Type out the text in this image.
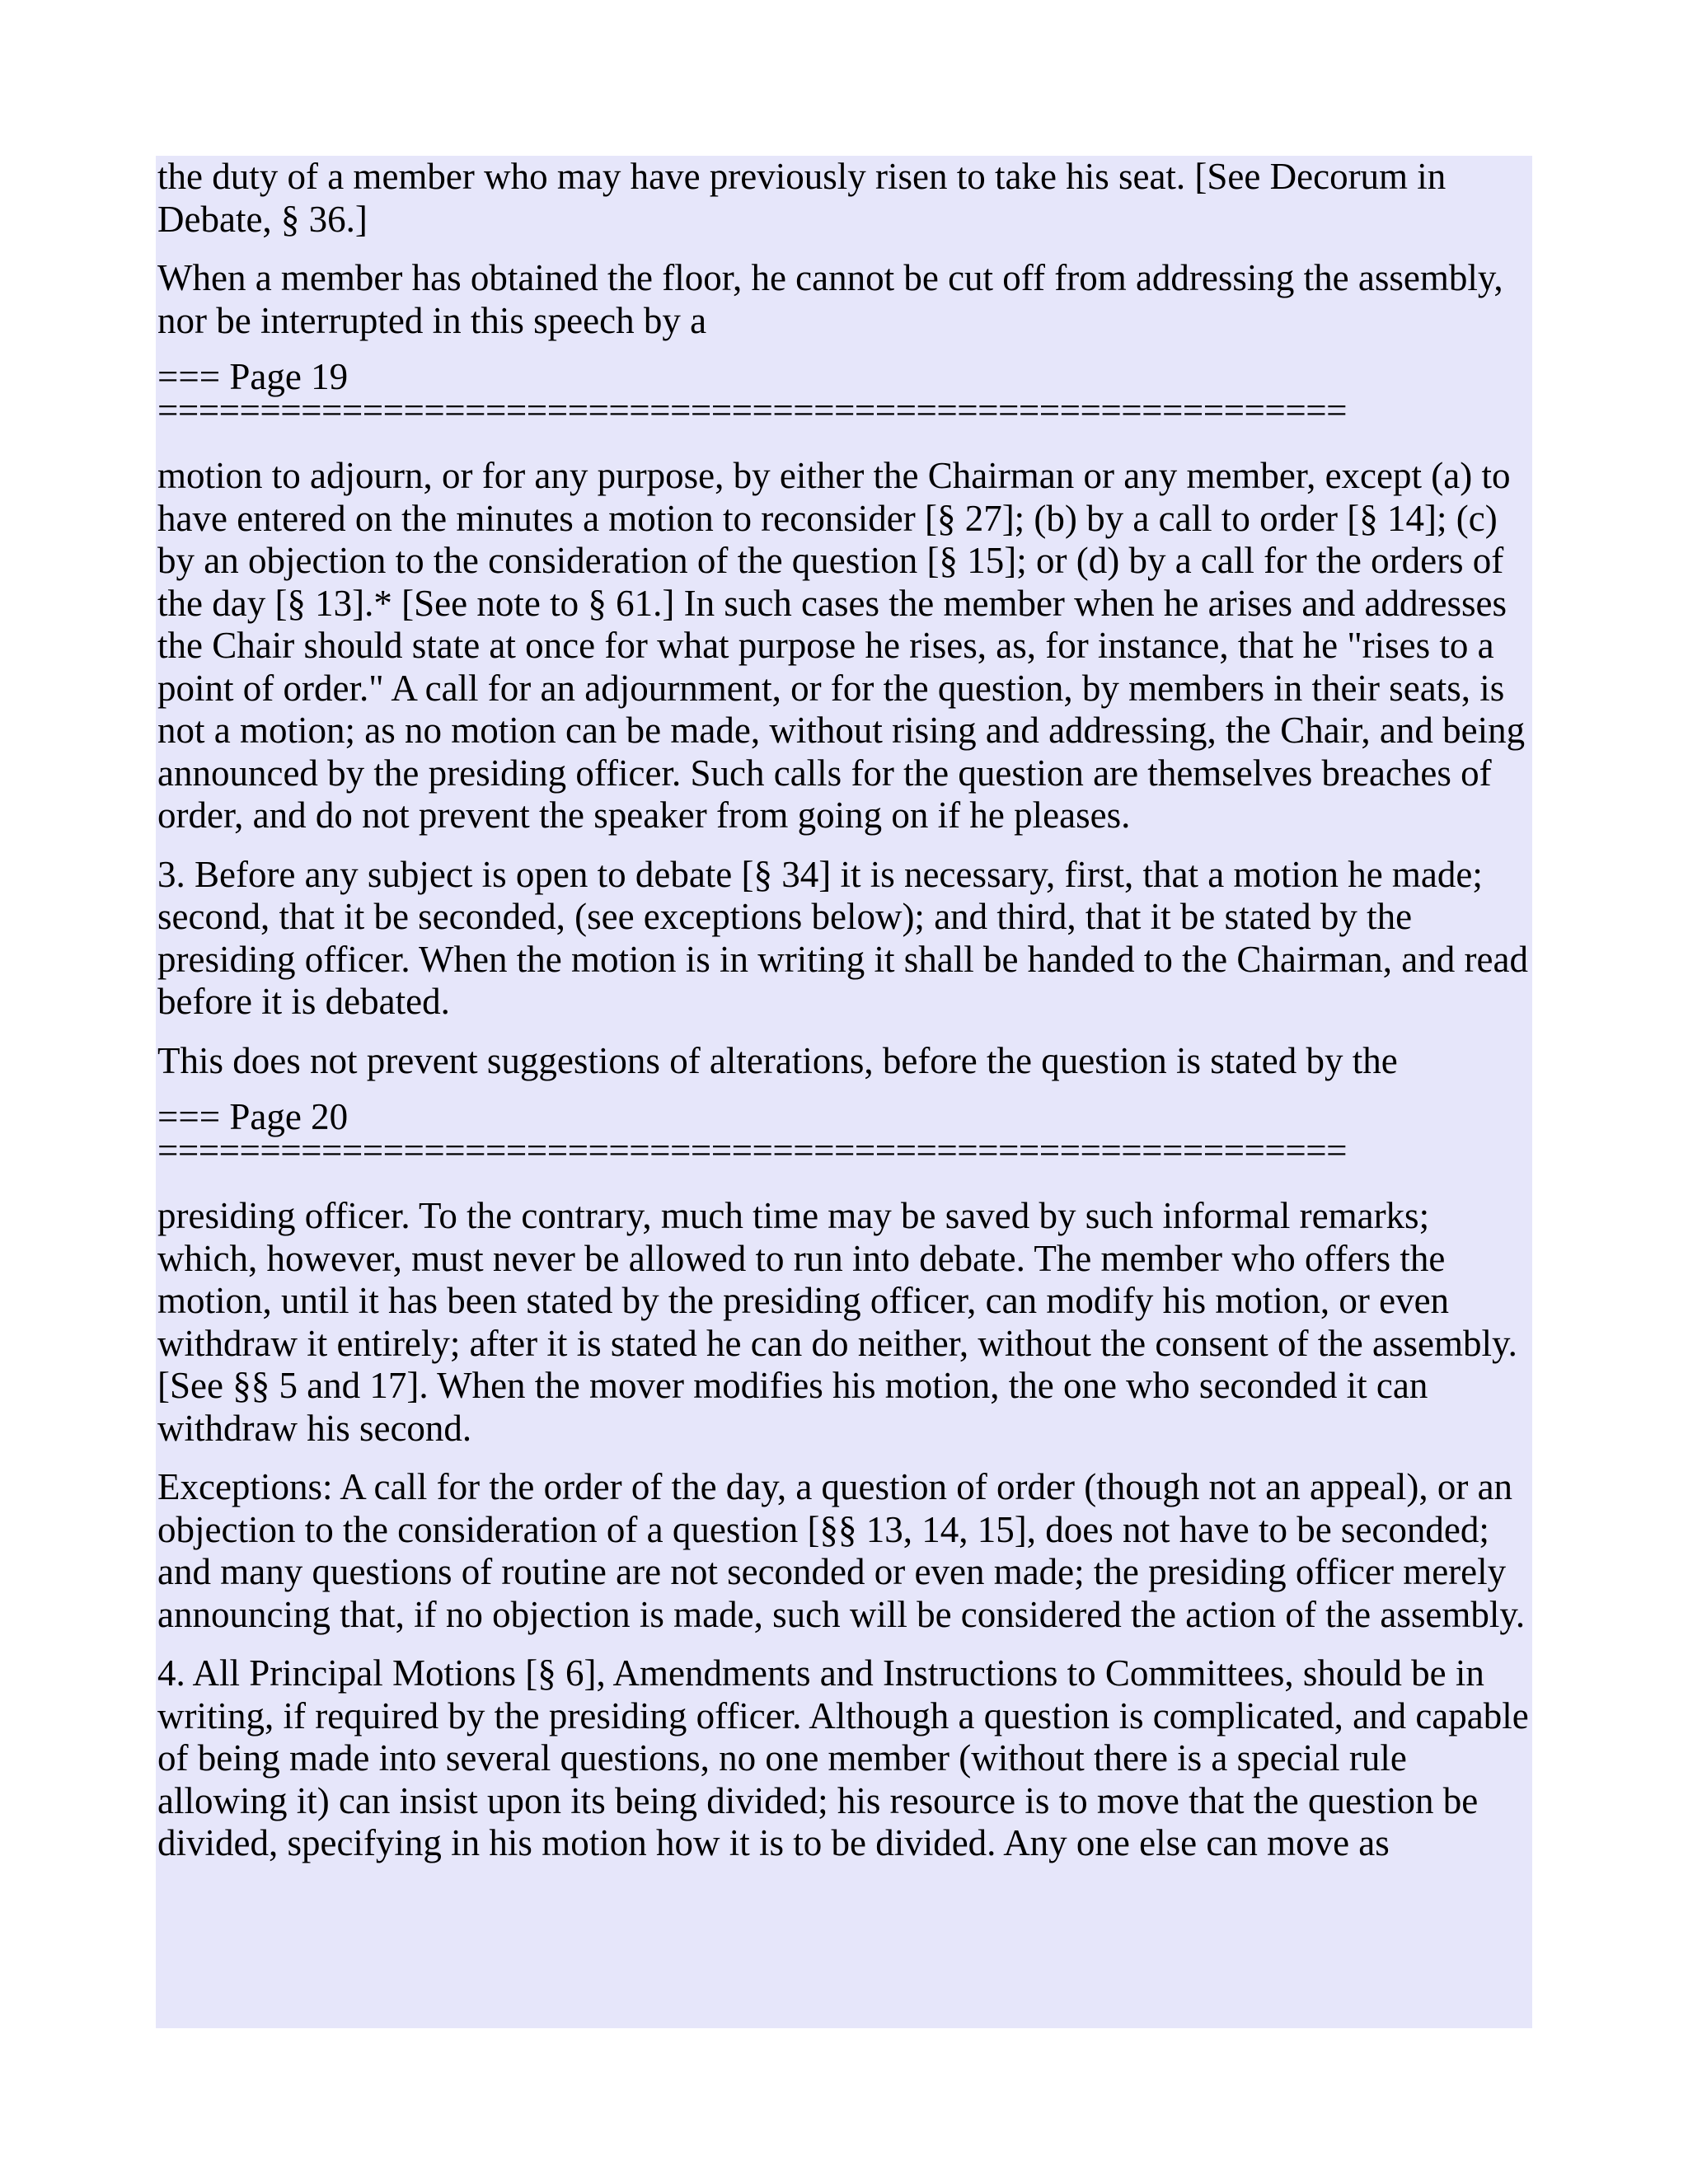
the duty of a member who may have previously risen to take his seat. [See Decorum in Debate, § 36.]

When a member has obtained the floor, he cannot be cut off from addressing the assembly, nor be interrupted in this speech by a

=== Page 19
==========================================================

motion to adjourn, or for any purpose, by either the Chairman or any member, except (a) to have entered on the minutes a motion to reconsider [§ 27]; (b) by a call to order [§ 14]; (c) by an objection to the consideration of the question [§ 15]; or (d) by a call for the orders of the day [§ 13].* [See note to § 61.] In such cases the member when he arises and addresses the Chair should state at once for what purpose he rises, as, for instance, that he "rises to a point of order." A call for an adjournment, or for the question, by members in their seats, is not a motion; as no motion can be made, without rising and addressing, the Chair, and being announced by the presiding officer. Such calls for the question are themselves breaches of order, and do not prevent the speaker from going on if he pleases.

3. Before any subject is open to debate [§ 34] it is necessary, first, that a motion he made; second, that it be seconded, (see exceptions below); and third, that it be stated by the presiding officer. When the motion is in writing it shall be handed to the Chairman, and read before it is debated.

This does not prevent suggestions of alterations, before the question is stated by the

=== Page 20
==========================================================

presiding officer. To the contrary, much time may be saved by such informal remarks; which, however, must never be allowed to run into debate. The member who offers the motion, until it has been stated by the presiding officer, can modify his motion, or even withdraw it entirely; after it is stated he can do neither, without the consent of the assembly. [See §§ 5 and 17]. When the mover modifies his motion, the one who seconded it can withdraw his second.

Exceptions: A call for the order of the day, a question of order (though not an appeal), or an objection to the consideration of a question [§§ 13, 14, 15], does not have to be seconded; and many questions of routine are not seconded or even made; the presiding officer merely announcing that, if no objection is made, such will be considered the action of the assembly.

4. All Principal Motions [§ 6], Amendments and Instructions to Committees, should be in writing, if required by the presiding officer. Although a question is complicated, and capable of being made into several questions, no one member (without there is a special rule allowing it) can insist upon its being divided; his resource is to move that the question be divided, specifying in his motion how it is to be divided. Any one else can move as
